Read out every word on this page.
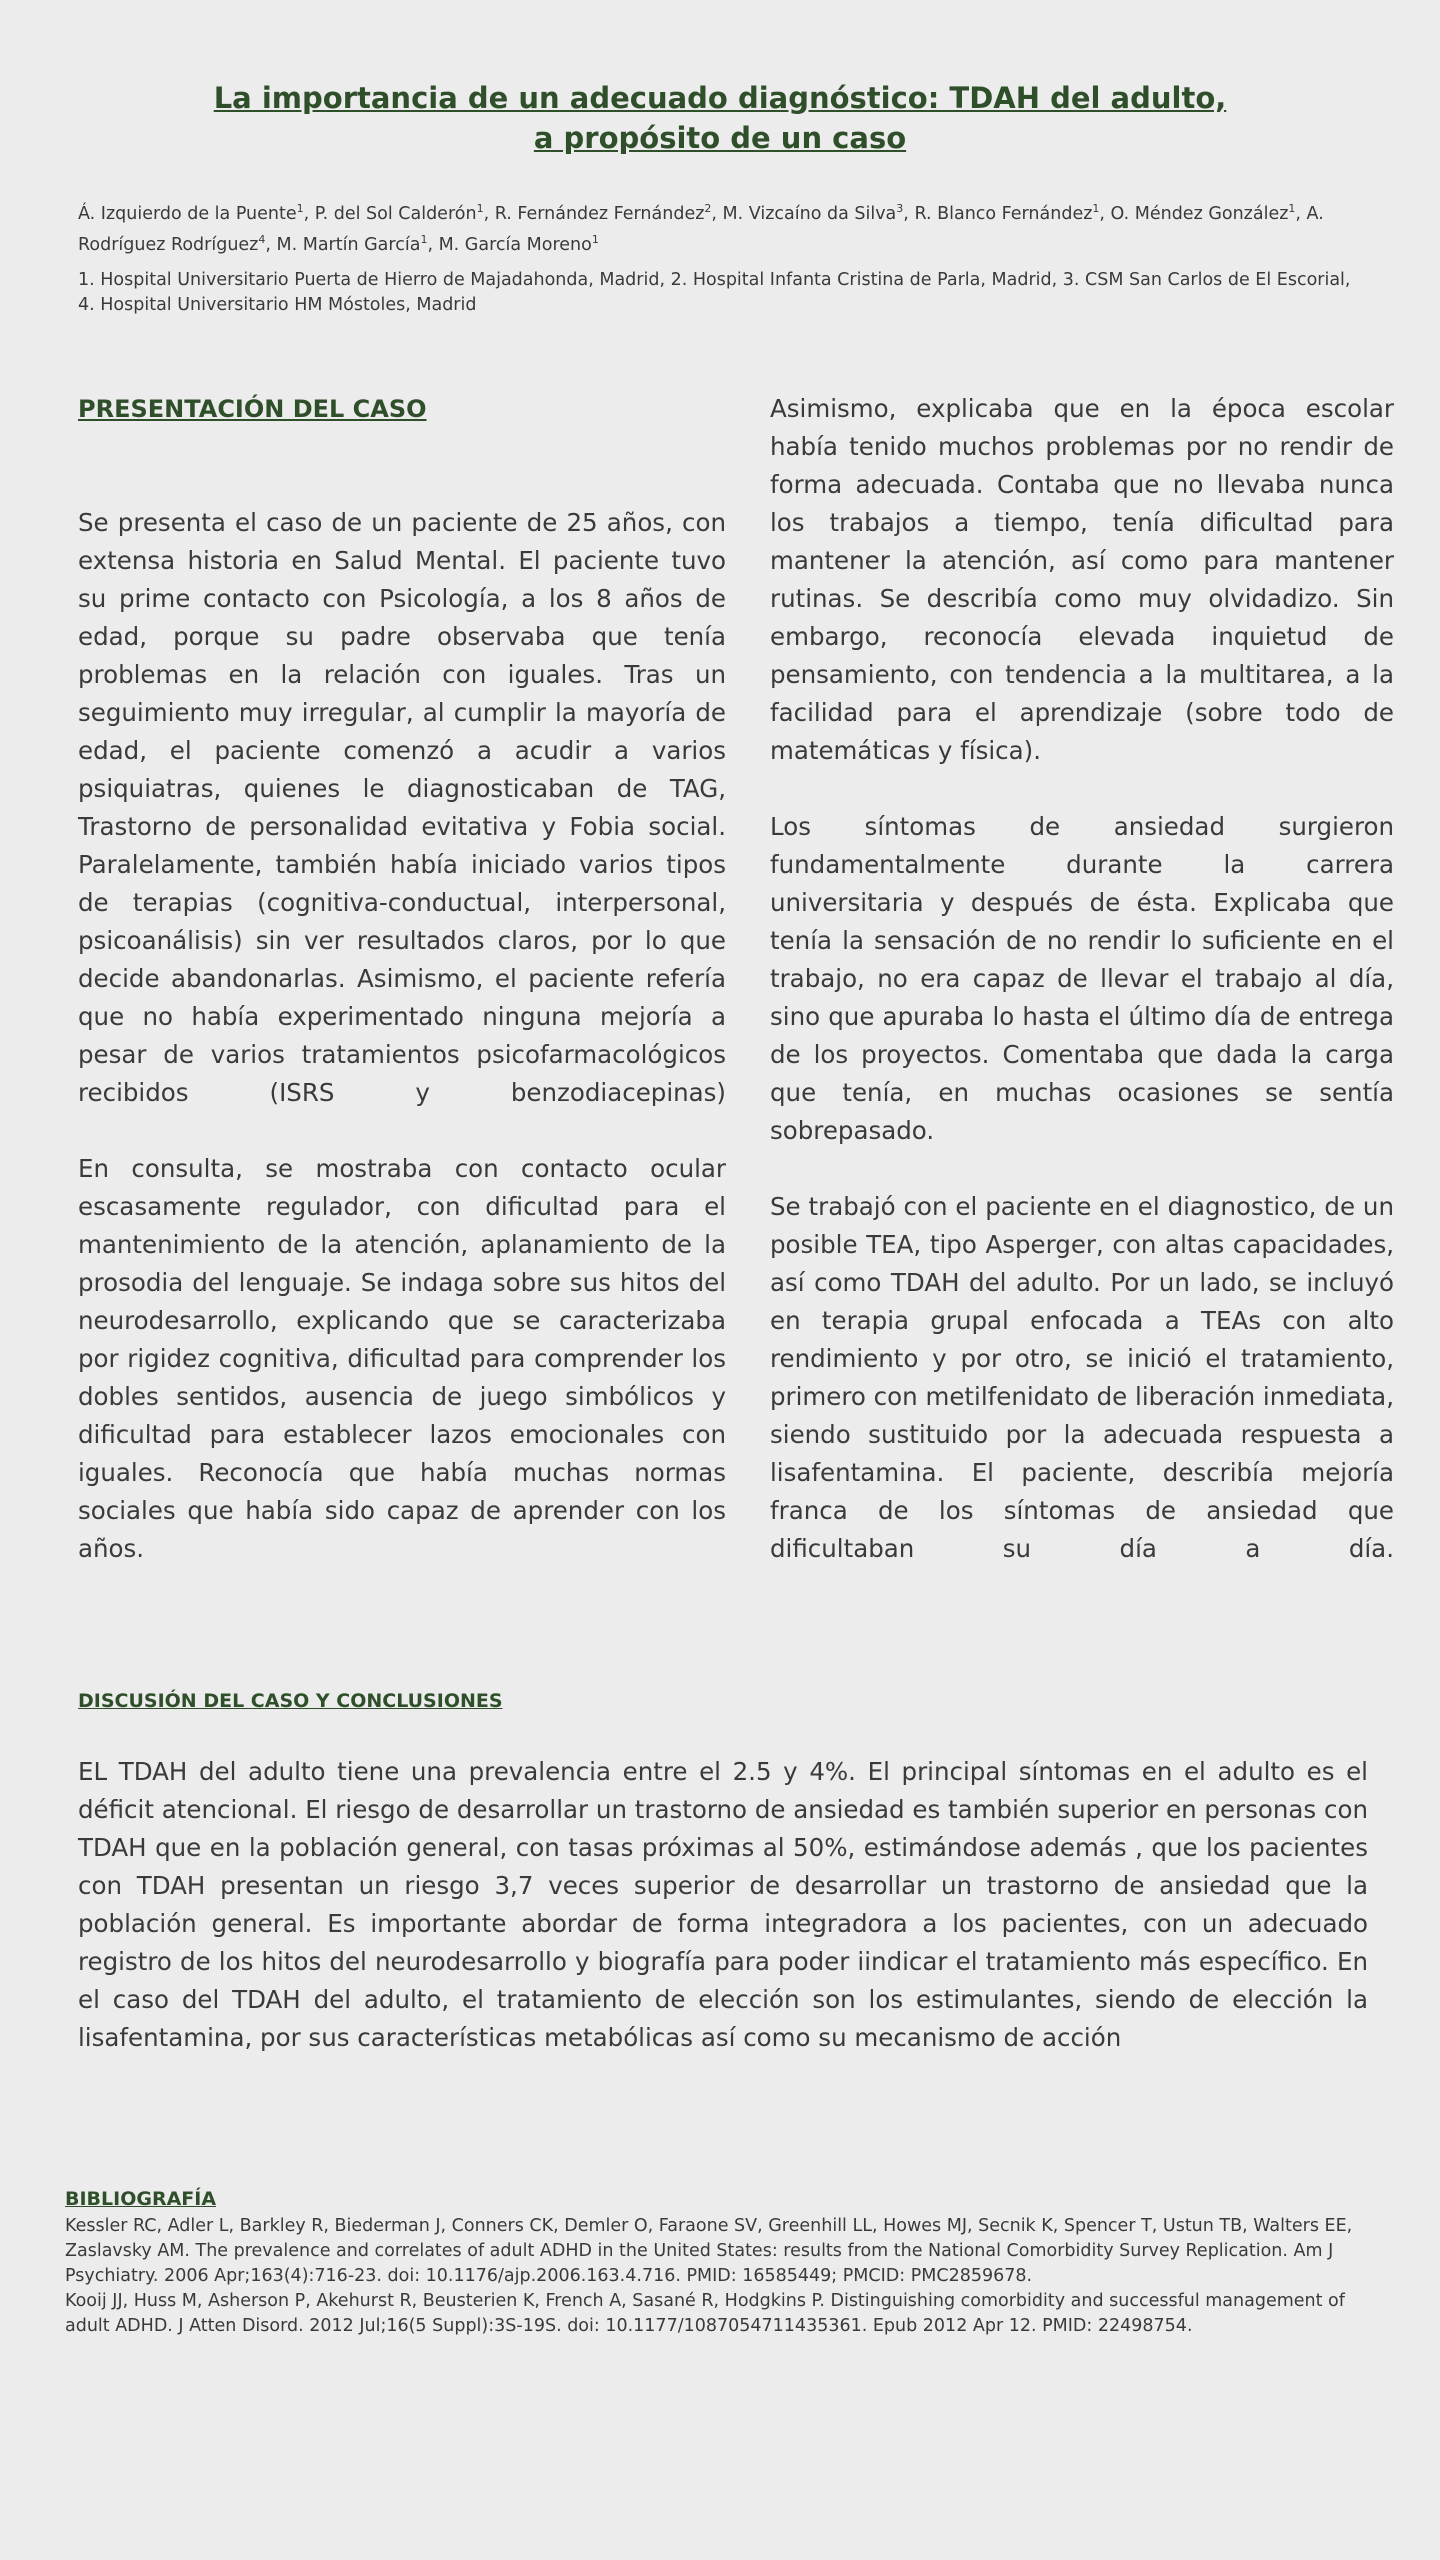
La importancia de un adecuado diagnóstico: TDAH del adulto, a propósito de un caso
Á. Izquierdo de la Puente$^1$, P. del Sol Calderón$^1$, R. Fernández Fernández$^2$, M. Vizcaíno da Silva$^3$, R. Blanco Fernández$^1$, O. Méndez González$^1$, A. Rodríguez Rodríguez$^4$, M. Martín García$^1$, M. García Moreno$^1$
1. Hospital Universitario Puerta de Hierro de Majadahonda, Madrid, 2. Hospital Infanta Cristina de Parla, Madrid, 3. CSM San Carlos de El Escorial, 4. Hospital Universitario HM Móstoles, Madrid
PRESENTACIÓN DEL CASO

Se presenta el caso de un paciente de 25 años, con extensa historia en Salud Mental. El paciente tuvo su prime contacto con Psicología, a los 8 años de edad, porque su padre observaba que tenía problemas en la relación con iguales. Tras un seguimiento muy irregular, al cumplir la mayoría de edad, el paciente comenzó a acudir a varios psiquiatras, quienes le diagnosticaban de TAG, Trastorno de personalidad evitativa y Fobia social. Paralelamente, también había iniciado varios tipos de terapias (cognitiva-conductual, interpersonal, psicoanálisis) sin ver resultados claros, por lo que decide abandonarlas. Asimismo, el paciente refería que no había experimentado ninguna mejoría a pesar de varios tratamientos psicofarmacológicos recibidos (ISRS y benzodiacepinas)

En consulta, se mostraba con contacto ocular escasamente regulador, con dificultad para el mantenimiento de la atención, aplanamiento de la prosodia del lenguaje. Se indaga sobre sus hitos del neurodesarrollo, explicando que se caracterizaba por rigidez cognitiva, dificultad para comprender los dobles sentidos, ausencia de juego simbólicos y dificultad para establecer lazos emocionales con iguales. Reconocía que había muchas normas sociales que había sido capaz de aprender con los años.

Asimismo, explicaba que en la época escolar había tenido muchos problemas por no rendir de forma adecuada. Contaba que no llevaba nunca los trabajos a tiempo, tenía dificultad para mantener la atención, así como para mantener rutinas. Se describía como muy olvidadizo. Sin embargo, reconocía elevada inquietud de pensamiento, con tendencia a la multitarea, a la facilidad para el aprendizaje (sobre todo de matemáticas y física).

Los síntomas de ansiedad surgieron fundamentalmente durante la carrera universitaria y después de ésta. Explicaba que tenía la sensación de no rendir lo suficiente en el trabajo, no era capaz de llevar el trabajo al día, sino que apuraba lo hasta el último día de entrega de los proyectos. Comentaba que dada la carga que tenía, en muchas ocasiones se sentía sobrepasado.

Se trabajó con el paciente en el diagnostico, de un posible TEA, tipo Asperger, con altas capacidades, así como TDAH del adulto. Por un lado, se incluyó en terapia grupal enfocada a TEAs con alto rendimiento y por otro, se inició el tratamiento, primero con metilfenidato de liberación inmediata, siendo sustituido por la adecuada respuesta a lisafentamina. El paciente, describía mejoría franca de los síntomas de ansiedad que dificultaban su día a día.

DISCUSIÓN DEL CASO Y CONCLUSIONES

EL TDAH del adulto tiene una prevalencia entre el 2.5 y 4%. El principal síntomas en el adulto es el déficit atencional. El riesgo de desarrollar un trastorno de ansiedad es también superior en personas con TDAH que en la población general, con tasas próximas al 50%, estimándose además , que los pacientes con TDAH presentan un riesgo 3,7 veces superior de desarrollar un trastorno de ansiedad que la población general. Es importante abordar de forma integradora a los pacientes, con un adecuado registro de los hitos del neurodesarrollo y biografía para poder iindicar el tratamiento más específico. En el caso del TDAH del adulto, el tratamiento de elección son los estimulantes, siendo de elección la lisafentamina, por sus características metabólicas así como su mecanismo de acción

BIBLIOGRAFÍA

Kessler RC, Adler L, Barkley R, Biederman J, Conners CK, Demler O, Faraone SV, Greenhill LL, Howes MJ, Secnik K, Spencer T, Ustun TB, Walters EE, Zaslavsky AM. The prevalence and correlates of adult ADHD in the United States: results from the National Comorbidity Survey Replication. Am J Psychiatry. 2006 Apr;163(4):716-23. doi: 10.1176/ajp.2006.163.4.716. PMID: 16585449; PMCID: PMC2859678.

Kooij JJ, Huss M, Asherson P, Akehurst R, Beusterien K, French A, Sasané R, Hodgkins P. Distinguishing comorbidity and successful management of adult ADHD. J Atten Disord. 2012 Jul;16(5 Suppl):3S-19S. doi: 10.1177/1087054711435361. Epub 2012 Apr 12. PMID: 22498754.
